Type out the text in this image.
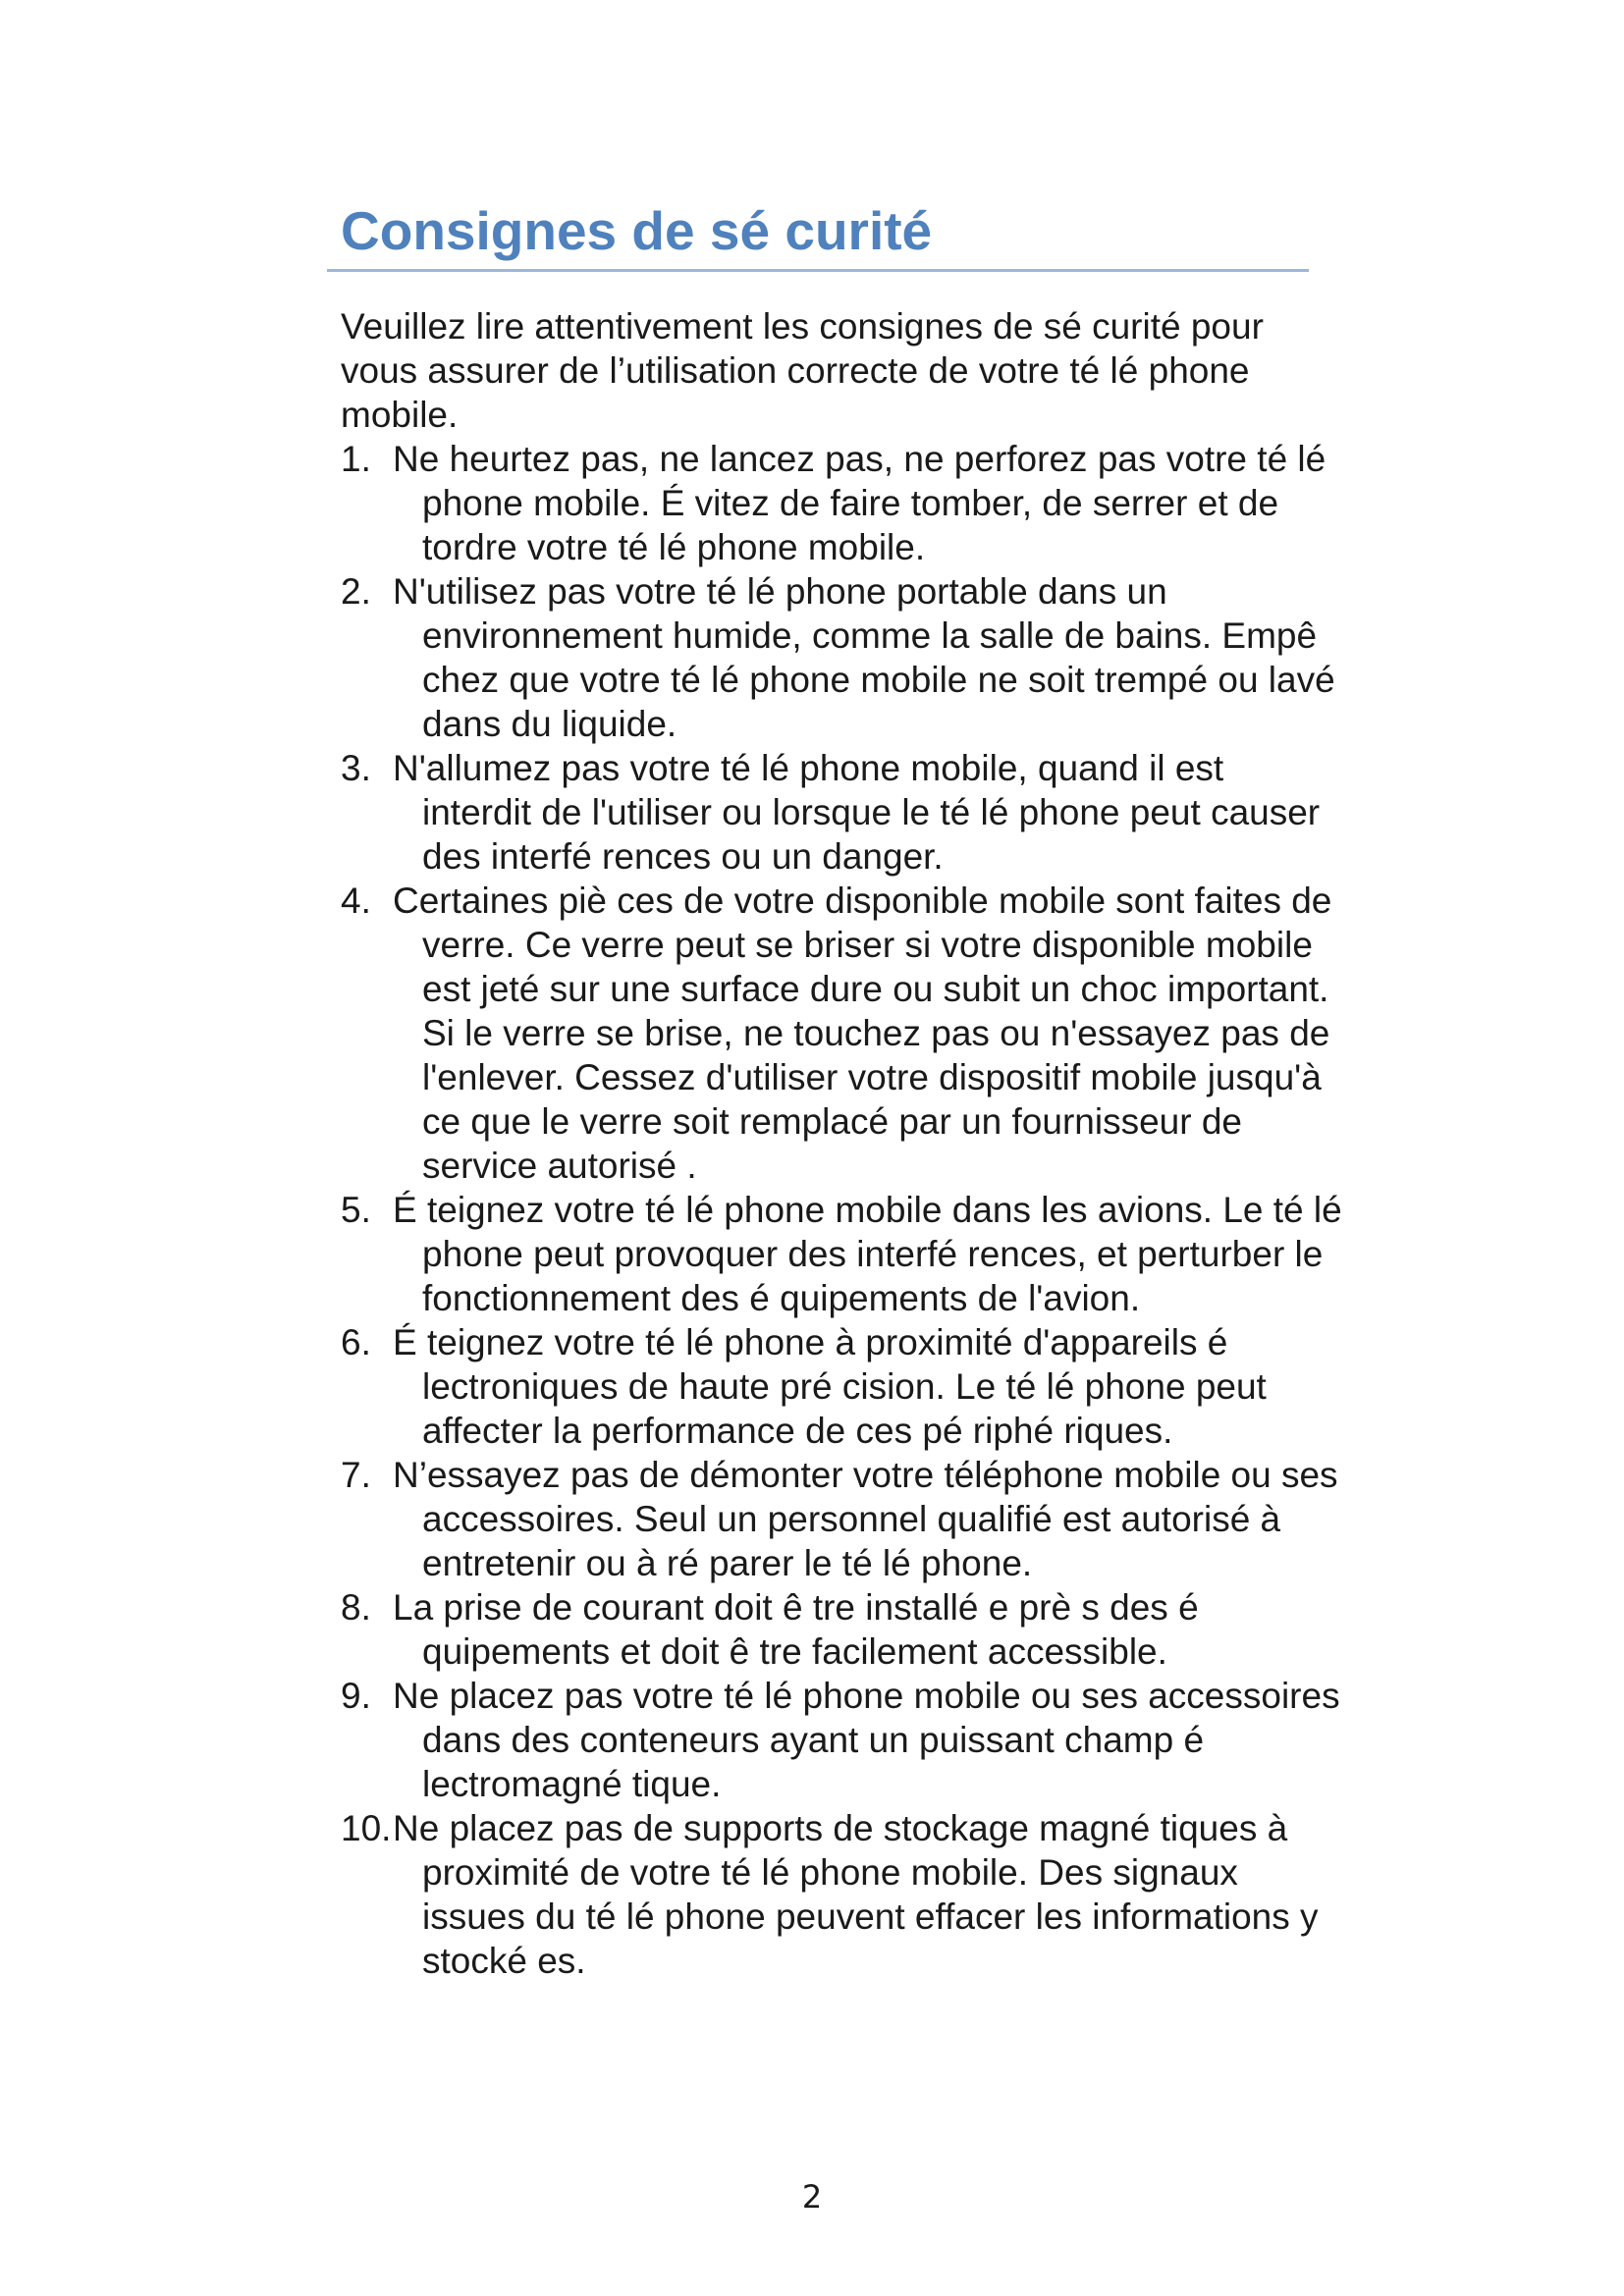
Consignes de sé curité

Veuillez lire attentivement les consignes de sé curité pour vous assurer de l’utilisation correcte de votre té lé phone mobile.

1. Ne heurtez pas, ne lancez pas, ne perforez pas votre té lé phone mobile. É vitez de faire tomber, de serrer et de tordre votre té lé phone mobile.
2. N'utilisez pas votre té lé phone portable dans un environnement humide, comme la salle de bains. Empê chez que votre té lé phone mobile ne soit trempé ou lavé dans du liquide.
3. N'allumez pas votre té lé phone mobile, quand il est interdit de l'utiliser ou lorsque le té lé phone peut causer des interfé rences ou un danger.
4. Certaines piè ces de votre disponible mobile sont faites de verre. Ce verre peut se briser si votre disponible mobile est jeté sur une surface dure ou subit un choc important. Si le verre se brise, ne touchez pas ou n'essayez pas de l'enlever. Cessez d'utiliser votre dispositif mobile jusqu'à ce que le verre soit remplacé par un fournisseur de service autorisé .
5. É teignez votre té lé phone mobile dans les avions. Le té lé phone peut provoquer des interfé rences, et perturber le fonctionnement des é quipements de l'avion.
6. É teignez votre té lé phone à proximité d'appareils é lectroniques de haute pré cision. Le té lé phone peut affecter la performance de ces pé riphé riques.
7. N’essayez pas de démonter votre téléphone mobile ou ses accessoires. Seul un personnel qualifié est autorisé à entretenir ou à ré parer le té lé phone.
8. La prise de courant doit ê tre installé e prè s des é quipements et doit ê tre facilement accessible.
9. Ne placez pas votre té lé phone mobile ou ses accessoires dans des conteneurs ayant un puissant champ é lectromagné tique.
10. Ne placez pas de supports de stockage magné tiques à proximité de votre té lé phone mobile. Des signaux issues du té lé phone peuvent effacer les informations y stocké es.
2
